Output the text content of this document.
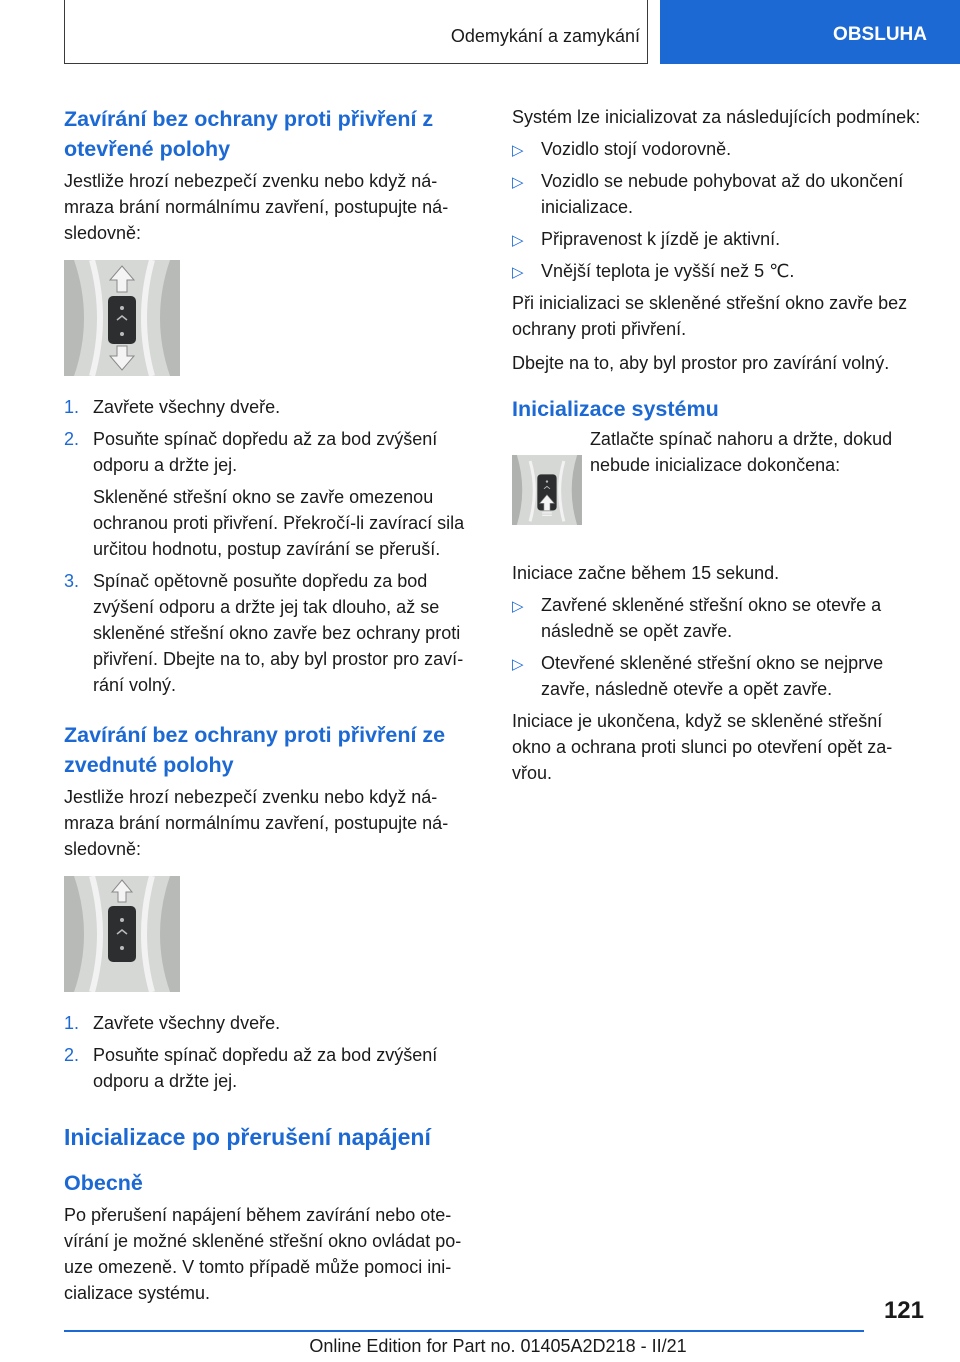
Odemykání a zamykání	OBSLUHA
Zavírání bez ochrany proti přivření z otevřené polohy

Jestliže hrozí nebezpečí zvenku nebo když námraza brání normálnímu zavření, postupujte následovně:

1. Zavřete všechny dveře.
2. Posuňte spínač dopředu až za bod zvýšení odporu a držte jej.

Skleněné střešní okno se zavře omezenou ochranou proti přivření. Překročí-li zavírací sila určitou hodnotu, postup zavírání se přeruší.

3. Spínač opětovně posuňte dopředu za bod zvýšení odporu a držte jej tak dlouho, až se skleněné střešní okno zavře bez ochrany proti přivření. Dbejte na to, aby byl prostor pro zavírání volný.
Zavírání bez ochrany proti přivření ze zvednuté polohy

Jestliže hrozí nebezpečí zvenku nebo když námraza brání normálnímu zavření, postupujte následovně:

1. Zavřete všechny dveře.
2. Posuňte spínač dopředu až za bod zvýšení odporu a držte jej.
Inicializace po přerušení napájení
Obecně

Po přerušení napájení během zavírání nebo otevírání je možné skleněné střešní okno ovládat pouze omezeně. V tomto případě může pomoci inicializace systému.

Systém lze inicializovat za následujících podmínek:

▷ Vozidlo stojí vodorovně.
▷ Vozidlo se nebude pohybovat až do ukončení inicializace.
▷ Připravenost k jízdě je aktivní.
▷ Vnější teplota je vyšší než 5 ℃.

Při inicializaci se skleněné střešní okno zavře bez ochrany proti přivření.

Dbejte na to, aby byl prostor pro zavírání volný.

Inicializace systému

Zatlačte spínač nahoru a držte, dokud nebude inicializace dokončena:

Iniciace začne během 15 sekund.

▷ Zavřené skleněné střešní okno se otevře a následně se opět zavře.
▷ Otevřené skleněné střešní okno se nejprve zavře, následně otevře a opět zavře.

Iniciace je ukončena, když se skleněné střešní okno a ochrana proti slunci po otevření opět zavřou.

121
Online Edition for Part no. 01405A2D218 - II/21
